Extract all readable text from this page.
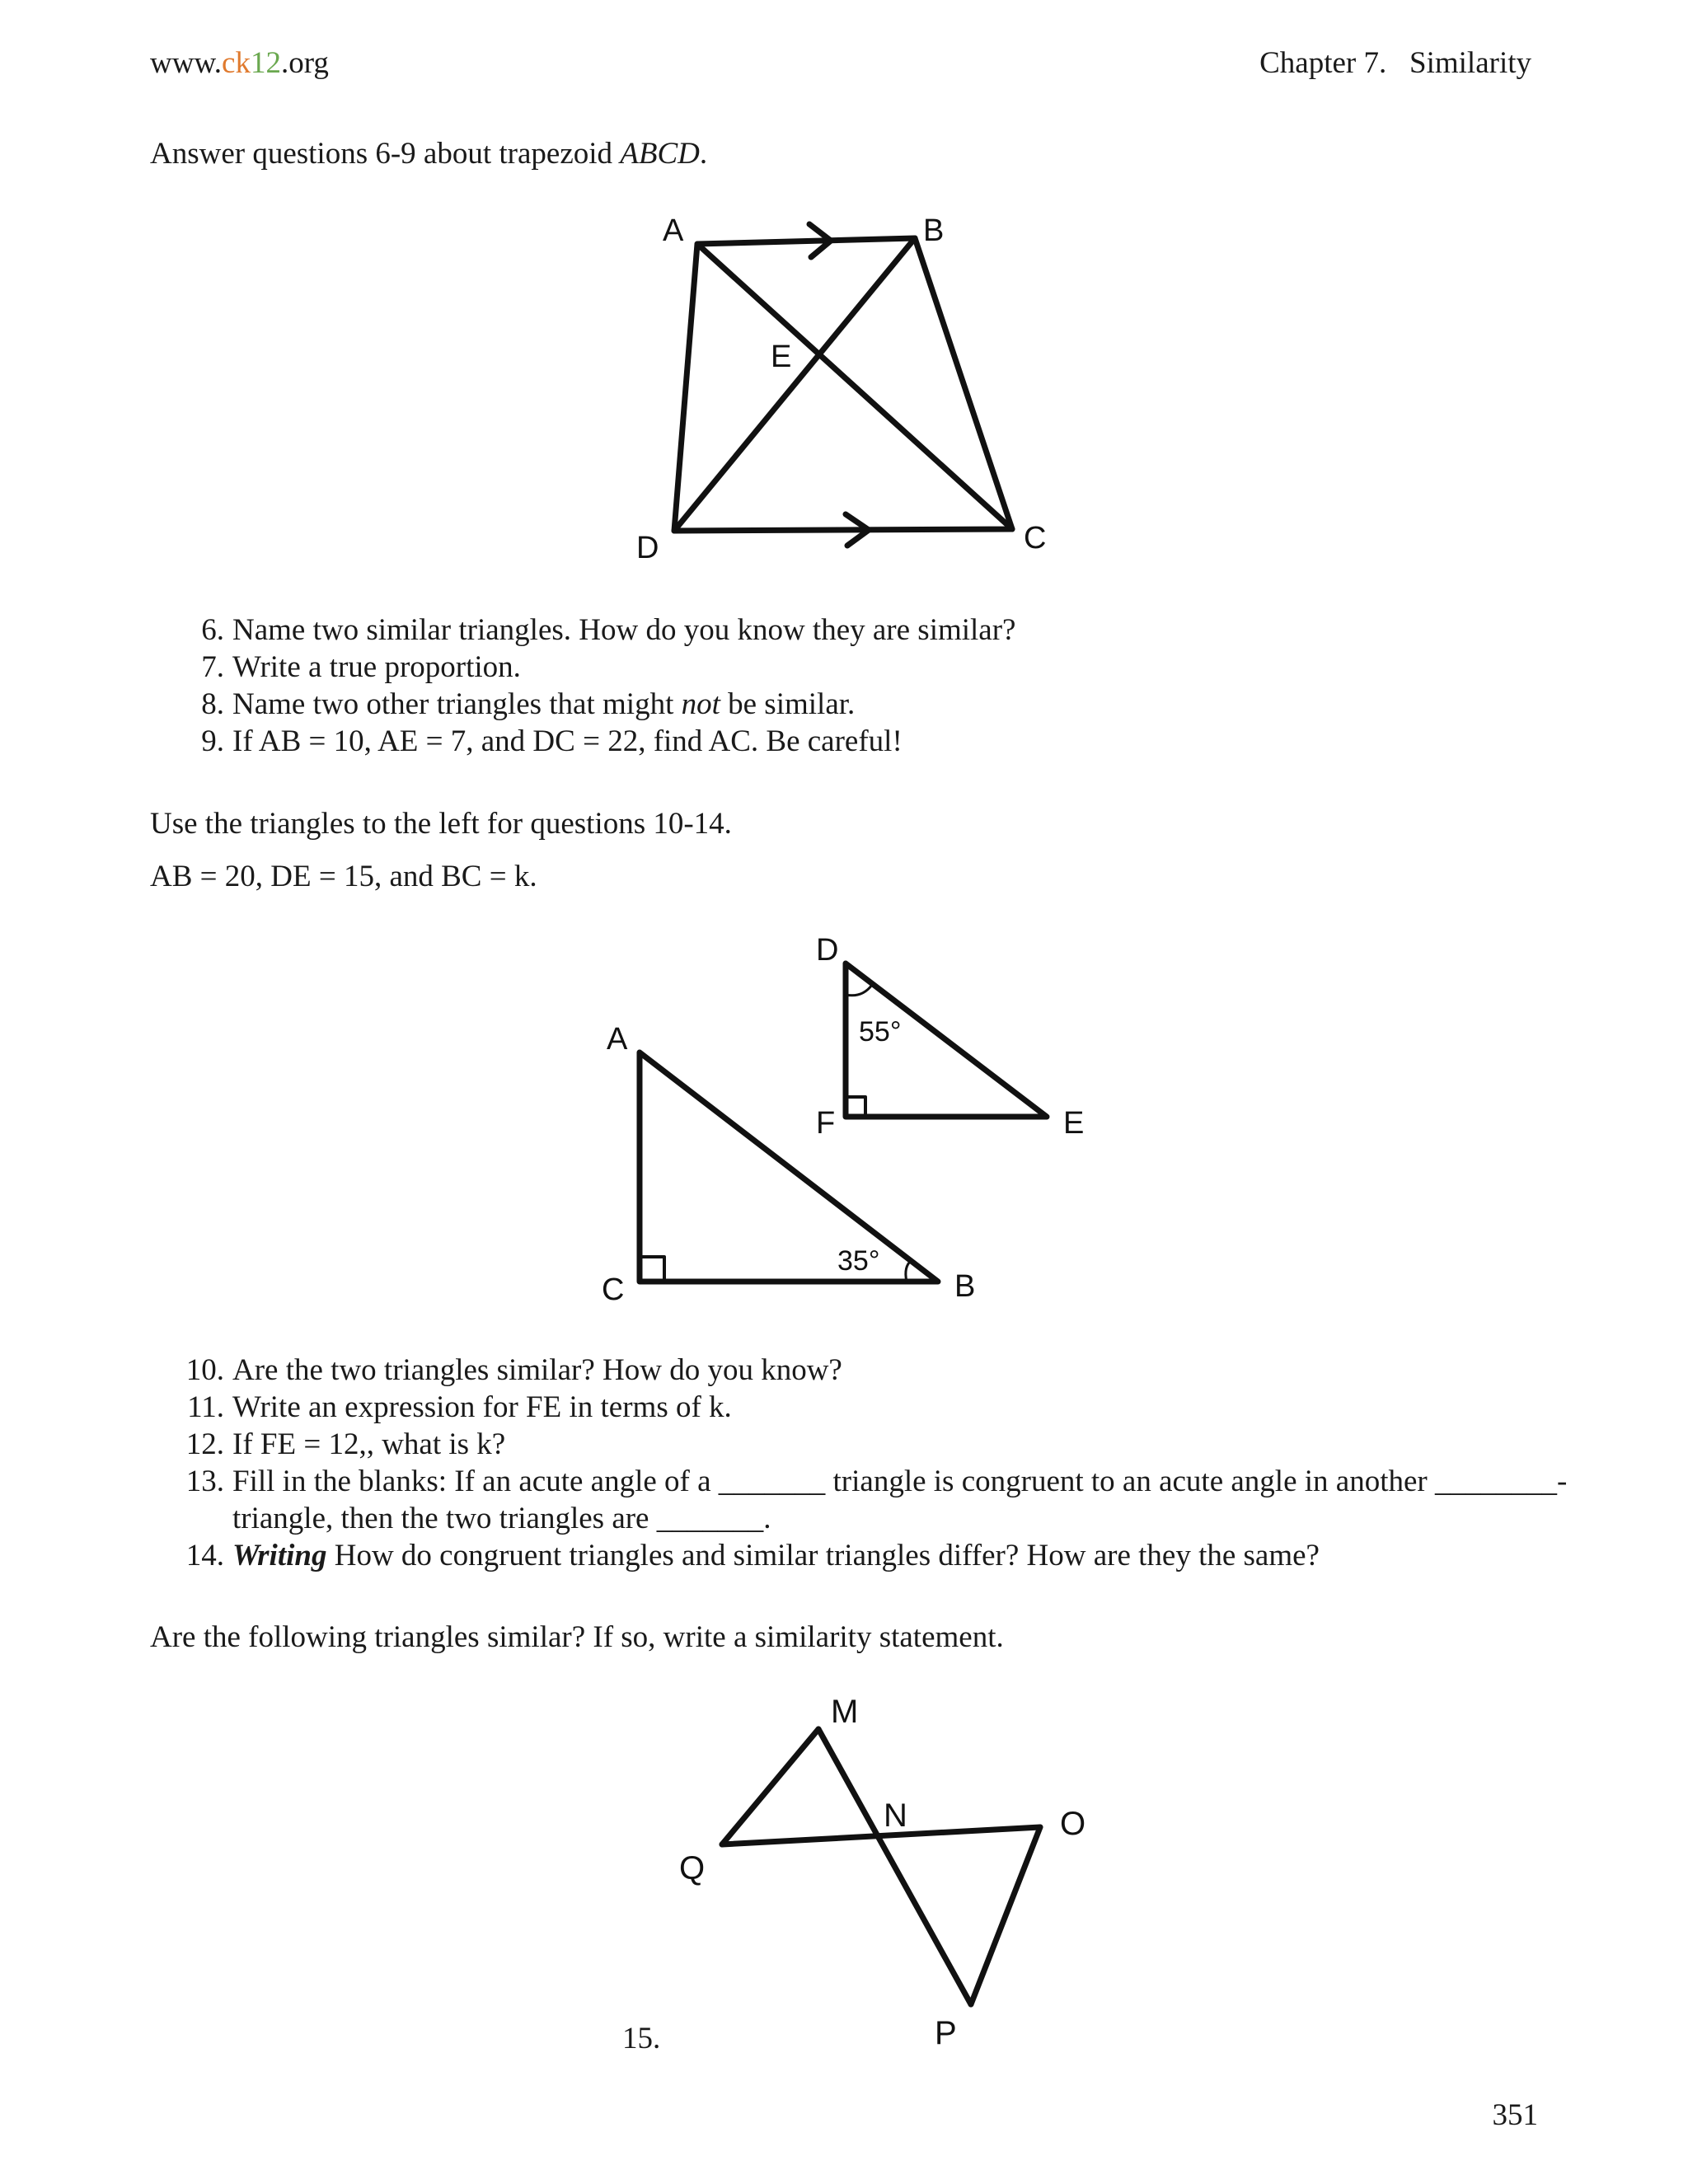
www.ck12.org	Chapter 7.   Similarity
Answer questions 6-9 about trapezoid ABCD.
A	B
E
D	C
6. Name two similar triangles. How do you know they are similar?
7. Write a true proportion.
8. Name two other triangles that might not be similar.
9. If AB = 10, AE = 7, and DC = 22, find AC. Be careful!
Use the triangles to the left for questions 10-14.
AB = 20, DE = 15, and BC = k.
D
55°
F	E
A
35°
C	B
10. Are the two triangles similar? How do you know?
11. Write an expression for FE in terms of k.
12. If FE = 12,, what is k?
13. Fill in the blanks: If an acute angle of a _______ triangle is congruent to an acute angle in another ________-
triangle, then the two triangles are _______.
14. Writing How do congruent triangles and similar triangles differ? How are they the same?
Are the following triangles similar? If so, write a similarity statement.
M
N	O
Q
P
15.
351
